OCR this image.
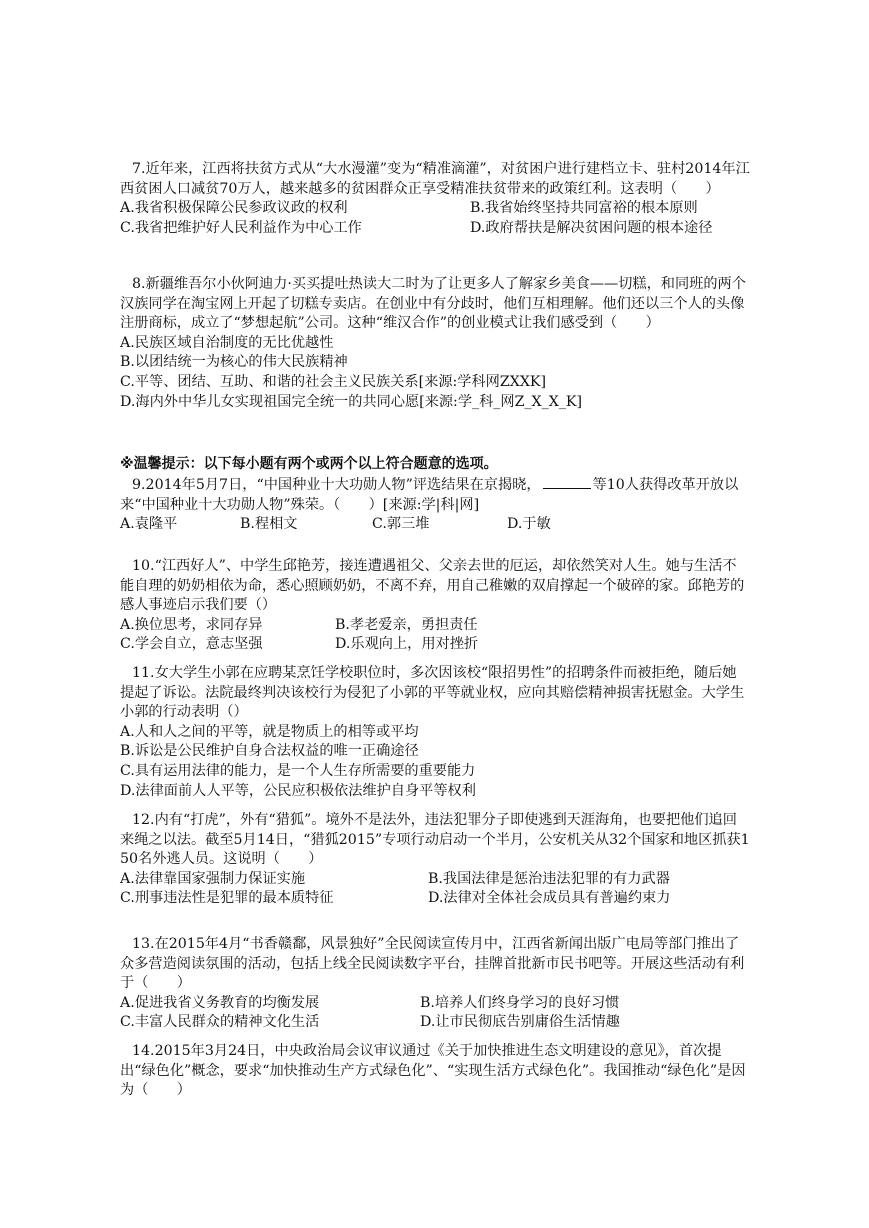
7.近年来，江西将扶贫方式从“大水漫灌”变为“精准滴灌”，对贫困户进行建档立卡、驻村2014年江西贫困人口减贫70万人，越来越多的贫困群众正享受精准扶贫带来的政策红利。这表明（　　）

A.我省积极保障公民参政议政的权利	B.我省始终坚持共同富裕的根本原则

C.我省把维护好人民利益作为中心工作	D.政府帮扶是解决贫困问题的根本途径

8.新疆维吾尔小伙阿迪力·买买提吐热读大二时为了让更多人了解家乡美食——切糕，和同班的两个汉族同学在淘宝网上开起了切糕专卖店。在创业中有分歧时，他们互相理解。他们还以三个人的头像注册商标，成立了“梦想起航”公司。这种“维汉合作”的创业模式让我们感受到（　　）

A.民族区域自治制度的无比优越性

B.以团结统一为核心的伟大民族精神

C.平等、团结、互助、和谐的社会主义民族关系[来源:学科网ZXXK]

D.海内外中华儿女实现祖国完全统一的共同心愿[来源:学_科_网Z_X_X_K]

※温馨提示：以下每小题有两个或两个以上符合题意的选项。

9.2014年5月7日，“中国种业十大功勋人物”评选结果在京揭晓，	等10人获得改革开放以来“中国种业十大功勋人物”殊荣。（　　）[来源:学|科|网]

A.袁隆平	B.程相文	C.郭三堆	D.于敏

10.“江西好人”、中学生邱艳芳，接连遭遇祖父、父亲去世的厄运，却依然笑对人生。她与生活不能自理的奶奶相依为命，悉心照顾奶奶，不离不弃，用自己稚嫩的双肩撑起一个破碎的家。邱艳芳的感人事迹启示我们要（）

A.换位思考，求同存异	B.孝老爱亲，勇担责任

C.学会自立，意志坚强	D.乐观向上，用对挫折

11.女大学生小郭在应聘某烹饪学校职位时，多次因该校“限招男性”的招聘条件而被拒绝，随后她提起了诉讼。法院最终判决该校行为侵犯了小郭的平等就业权，应向其赔偿精神损害抚慰金。大学生小郭的行动表明（）

A.人和人之间的平等，就是物质上的相等或平均

B.诉讼是公民维护自身合法权益的唯一正确途径

C.具有运用法律的能力，是一个人生存所需要的重要能力

D.法律面前人人平等，公民应积极依法维护自身平等权利

12.内有“打虎”，外有“猎狐”。境外不是法外，违法犯罪分子即使逃到天涯海角，也要把他们追回来绳之以法。截至5月14日，“猎狐2015”专项行动启动一个半月，公安机关从32个国家和地区抓获150名外逃人员。这说明（　　）

A.法律靠国家强制力保证实施	B.我国法律是惩治违法犯罪的有力武器

C.刑事违法性是犯罪的最本质特征	D.法律对全体社会成员具有普遍约束力

13.在2015年4月“书香赣鄱，风景独好”全民阅读宣传月中，江西省新闻出版广电局等部门推出了众多营造阅读氛围的活动，包括上线全民阅读数字平台，挂牌首批新市民书吧等。开展这些活动有利于（　　）

A.促进我省义务教育的均衡发展	B.培养人们终身学习的良好习惯

C.丰富人民群众的精神文化生活	D.让市民彻底告别庸俗生活情趣

14.2015年3月24日，中央政治局会议审议通过《关于加快推进生态文明建设的意见》，首次提出“绿色化”概念，要求“加快推动生产方式绿色化”、“实现生活方式绿色化”。我国推动“绿色化”是因为（　　）
